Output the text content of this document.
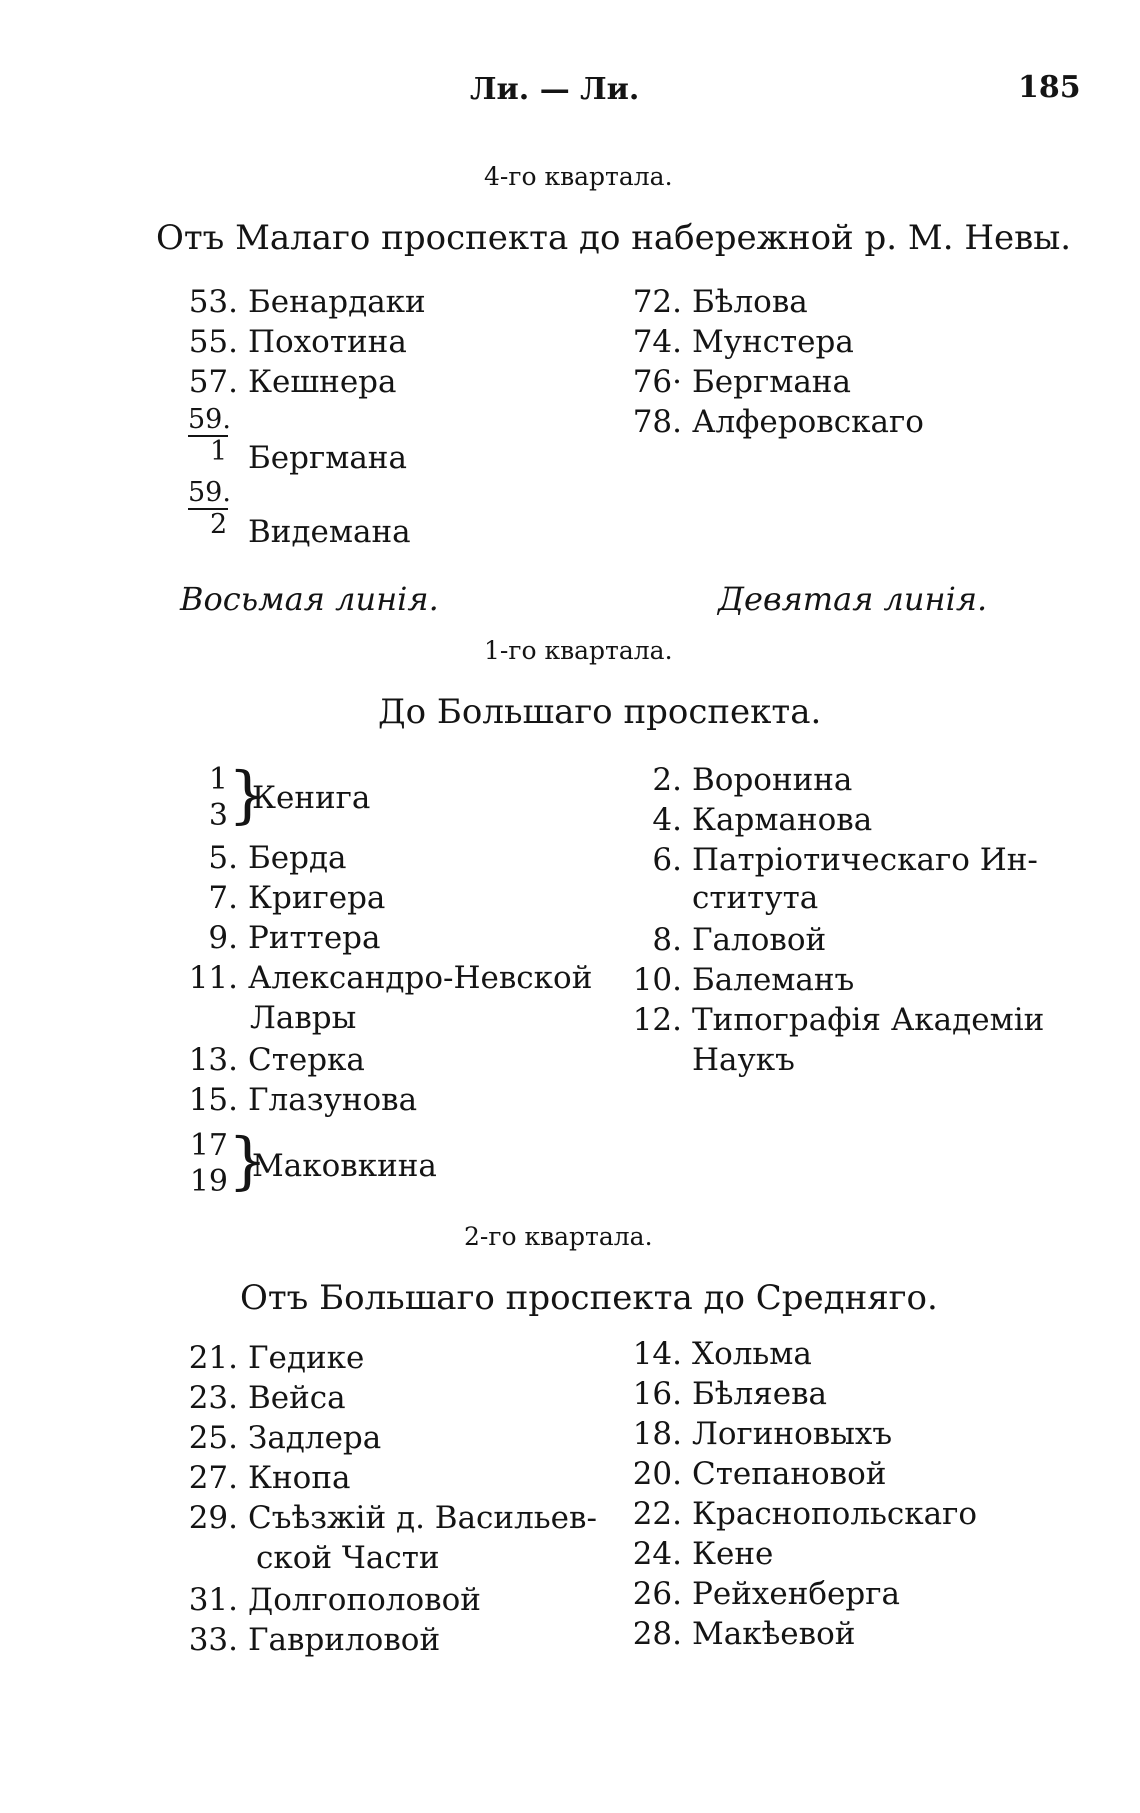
Ли. — Ли.	185
4-го квартала.
Отъ Малаго проспекта до набережной р. М. Невы.
53. Бенардаки
55. Похотина
57. Кешнера
59.
1 Бергмана
59.
2 Видемана
72. Бѣлова
74. Мунстера
76· Бергмана
78. Алферовскаго
Восьмая линія.	Девятая линія.
1-го квартала.
До Большаго проспекта.
1
3 }
Кенига
5. Берда
7. Кригера
9. Риттера
11. Александро-Невской
Лавры
13. Стерка
15. Глазунова
17
19 }
Маковкина
2. Воронина
4. Карманова
6. Патріотическаго Ин-
ститута
8. Галовой
10. Балеманъ
12. Типографія Академіи
Наукъ
2-го квартала.
Отъ Большаго проспекта до Средняго.
21. Гедике
23. Вейса
25. Задлера
27. Кнопа
29. Съѣзжій д. Васильев-
ской Части
31. Долгополовой
33. Гавриловой
14. Хольма
16. Бѣляева
18. Логиновыхъ
20. Степановой
22. Краснопольскаго
24. Кене
26. Рейхенберга
28. Макѣевой
